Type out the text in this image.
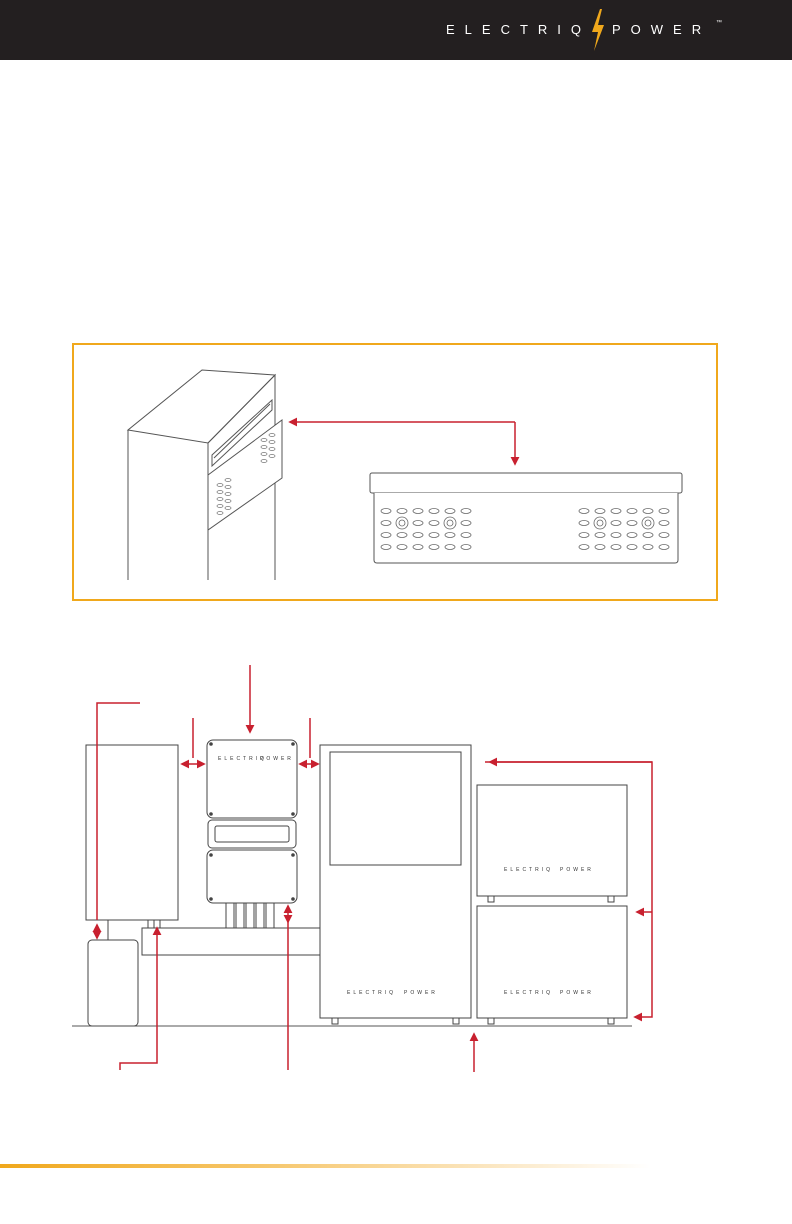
ELECTRIQ POWER ™
ELECTRIQ
POWER
ELECTRIQ POWER
ELECTRIQ POWER
ELECTRIQ POWER
